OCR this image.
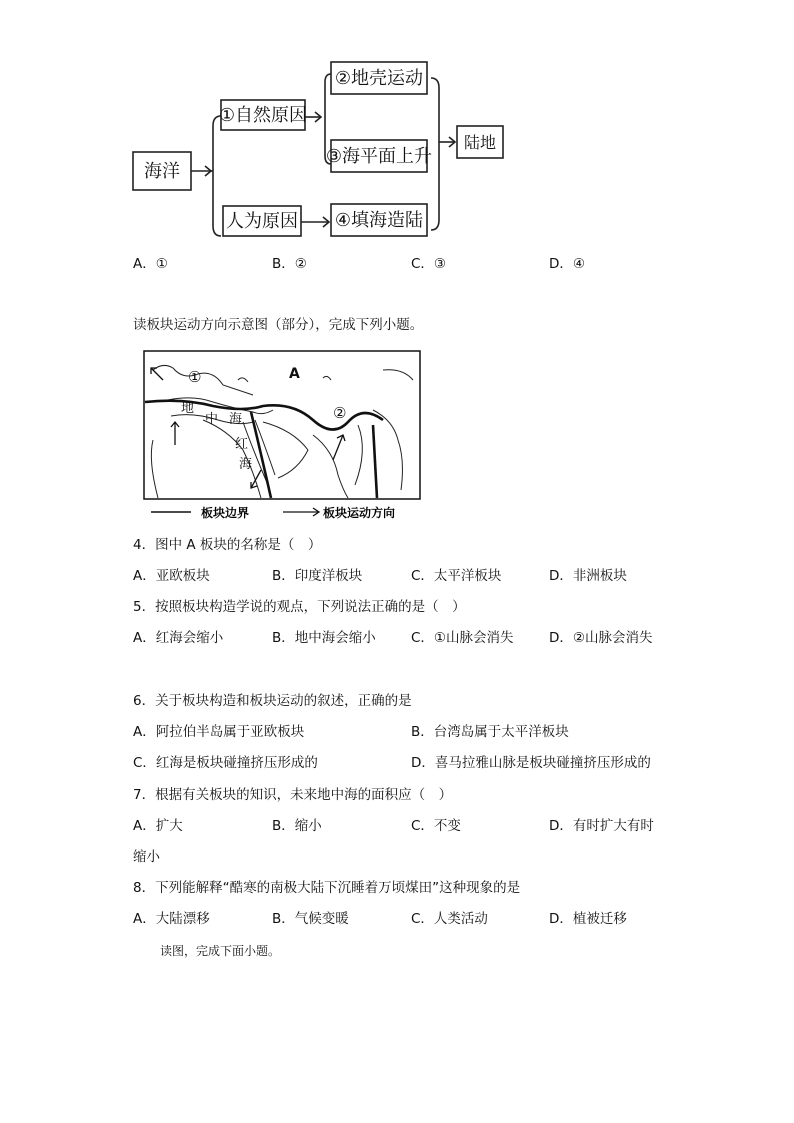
海洋
①自然原因
②地壳运动
③海平面上升
人为原因 ④填海造陆
陆地
A．①	B．②	C．③	D．④
读板块运动方向示意图（部分），完成下列小题。
A
①
②
地
中 海
红
海
板块边界	板块运动方向
4．图中 A 板块的名称是（　）
A．亚欧板块	B．印度洋板块	C．太平洋板块	D．非洲板块
5．按照板块构造学说的观点，下列说法正确的是（　）
A．红海会缩小	B．地中海会缩小	C．①山脉会消失	D．②山脉会消失
6．关于板块构造和板块运动的叙述，正确的是
A．阿拉伯半岛属于亚欧板块	B．台湾岛属于太平洋板块
C．红海是板块碰撞挤压形成的	D．喜马拉雅山脉是板块碰撞挤压形成的
7．根据有关板块的知识，未来地中海的面积应（　）
A．扩大	B．缩小	C．不变	D．有时扩大有时
缩小
8．下列能解释“酷寒的南极大陆下沉睡着万顷煤田”这种现象的是
A．大陆漂移	B．气候变暖	C．人类活动	D．植被迁移
读图，完成下面小题。
